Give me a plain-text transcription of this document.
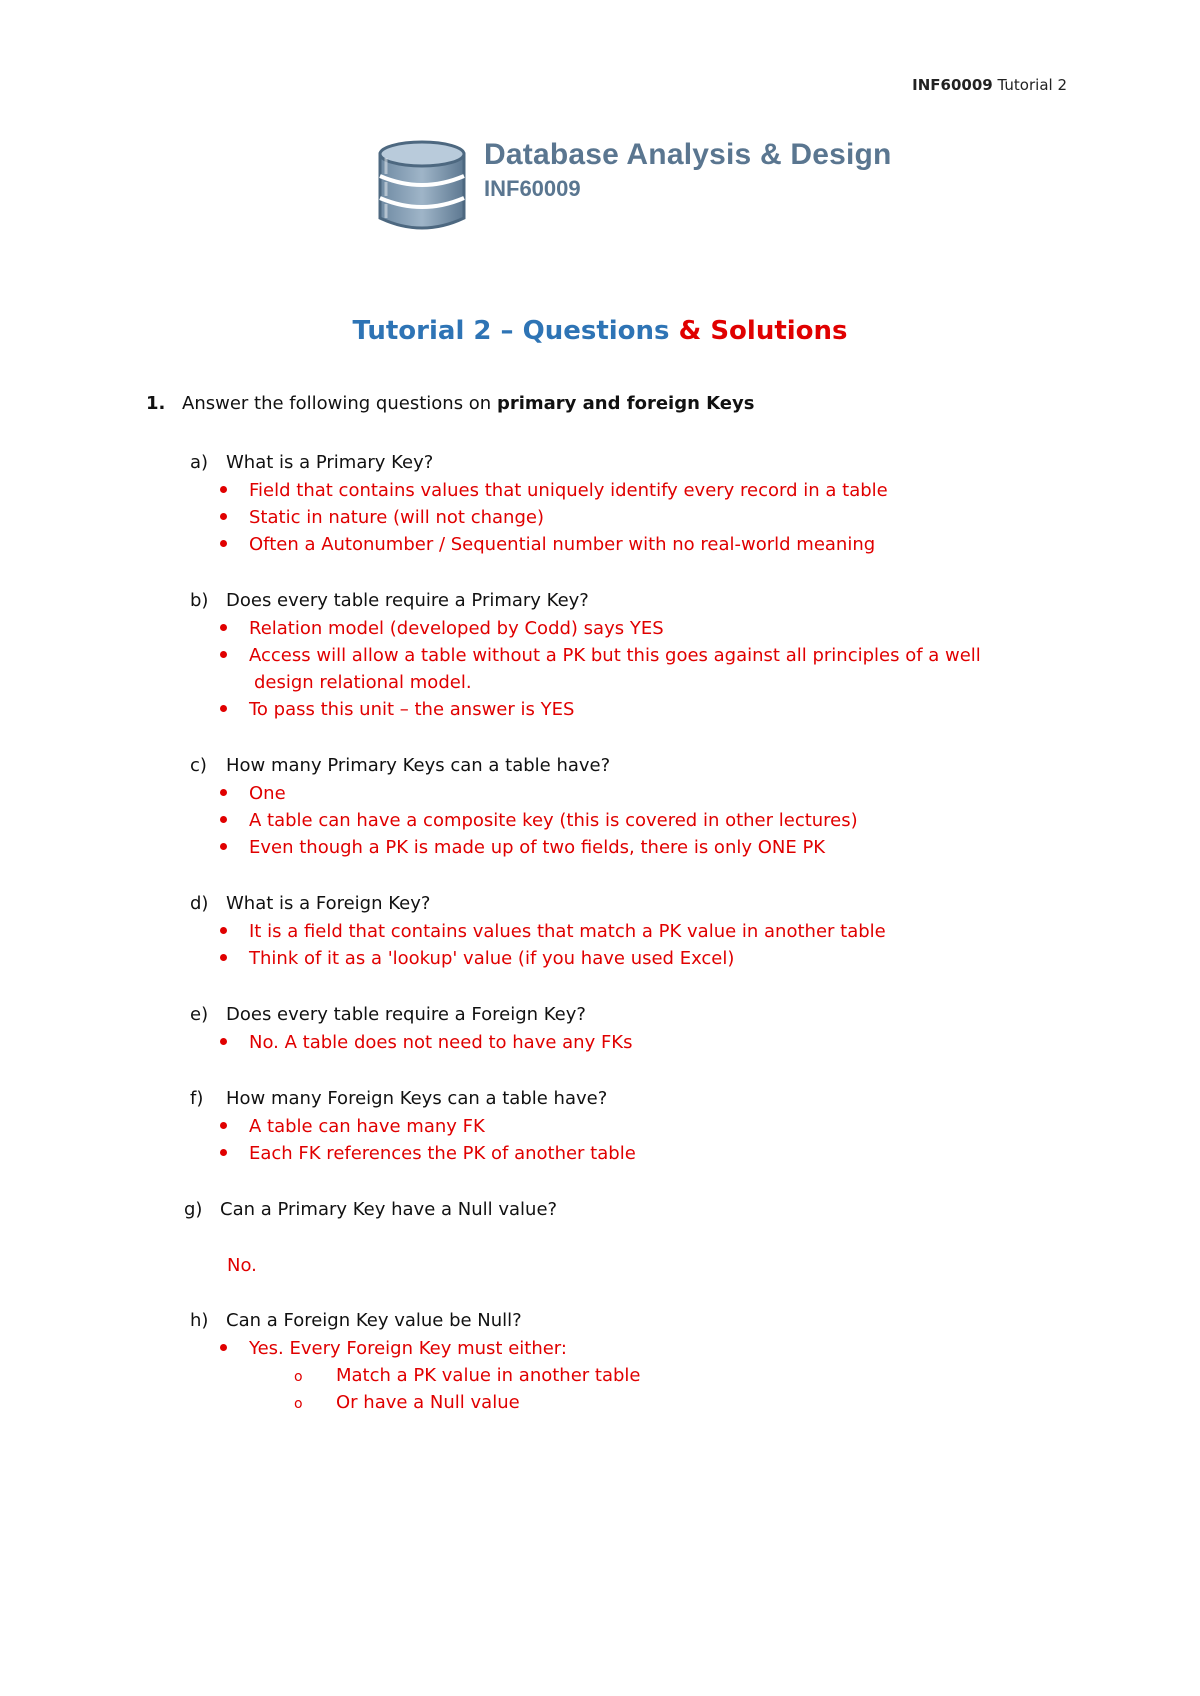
INF60009 Tutorial 2
Database Analysis & Design
INF60009
Tutorial 2 – Questions & Solutions
1. Answer the following questions on primary and foreign Keys
a) What is a Primary Key?
Field that contains values that uniquely identify every record in a table
Static in nature (will not change)
Often a Autonumber / Sequential number with no real-world meaning
b) Does every table require a Primary Key?
Relation model (developed by Codd) says YES
Access will allow a table without a PK but this goes against all principles of a well
design relational model.
To pass this unit – the answer is YES
c) How many Primary Keys can a table have?
One
A table can have a composite key (this is covered in other lectures)
Even though a PK is made up of two fields, there is only ONE PK
d) What is a Foreign Key?
It is a field that contains values that match a PK value in another table
Think of it as a 'lookup' value (if you have used Excel)
e) Does every table require a Foreign Key?
No. A table does not need to have any FKs
f) How many Foreign Keys can a table have?
A table can have many FK
Each FK references the PK of another table
g) Can a Primary Key have a Null value?
No.
h) Can a Foreign Key value be Null?
Yes. Every Foreign Key must either:
o Match a PK value in another table
o Or have a Null value
